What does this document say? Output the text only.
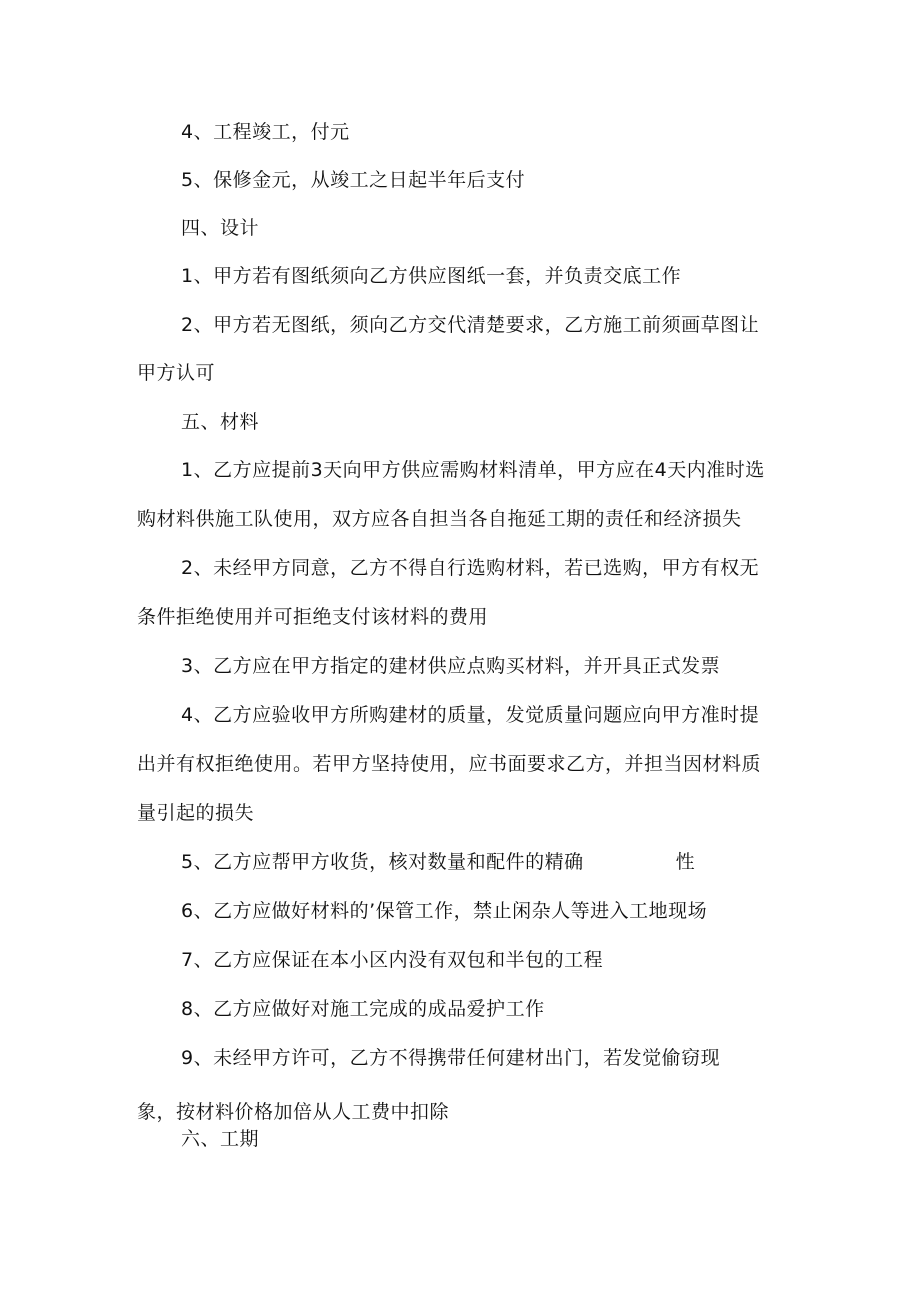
4、工程竣工，付元
5、保修金元，从竣工之日起半年后支付
四、设计
1、甲方若有图纸须向乙方供应图纸一套，并负责交底工作
2、甲方若无图纸，须向乙方交代清楚要求，乙方施工前须画草图让
甲方认可
五、材料
1、乙方应提前3天向甲方供应需购材料清单，甲方应在4天内准时选
购材料供施工队使用，双方应各自担当各自拖延工期的责任和经济损失
2、未经甲方同意，乙方不得自行选购材料，若已选购，甲方有权无
条件拒绝使用并可拒绝支付该材料的费用
3、乙方应在甲方指定的建材供应点购买材料，并开具正式发票
4、乙方应验收甲方所购建材的质量，发觉质量问题应向甲方准时提
出并有权拒绝使用。若甲方坚持使用，应书面要求乙方，并担当因材料质
量引起的损失
5、乙方应帮甲方收货，核对数量和配件的精确	性
6、乙方应做好材料的’保管工作，禁止闲杂人等进入工地现场
7、乙方应保证在本小区内没有双包和半包的工程
8、乙方应做好对施工完成的成品爱护工作
9、未经甲方许可，乙方不得携带任何建材出门，若发觉偷窃现
象，按材料价格加倍从人工费中扣除
六、工期
